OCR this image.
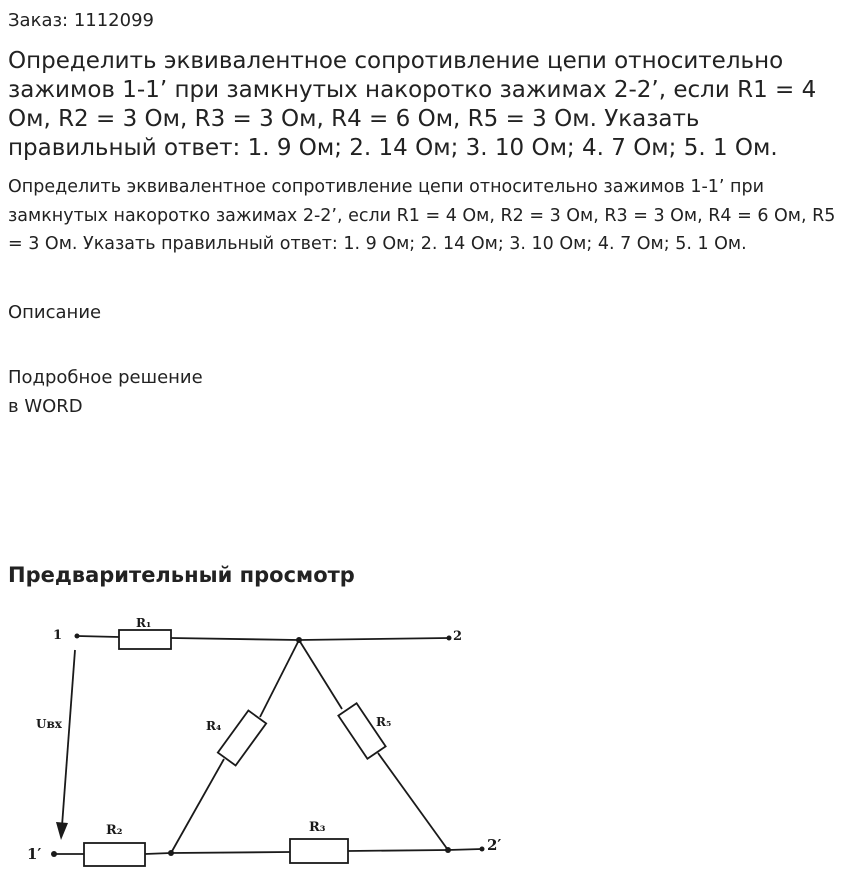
Заказ: 1112099
Определить эквивалентное сопротивление цепи относительно зажимов 1-1’ при замкнутых накоротко зажимах 2-2’, если R1 = 4 Ом, R2 = 3 Ом, R3 = 3 Ом, R4 = 6 Ом, R5 = 3 Ом. Указать правильный ответ: 1. 9 Ом; 2. 14 Ом; 3. 10 Ом; 4. 7 Ом; 5. 1 Ом.

Определить эквивалентное сопротивление цепи относительно зажимов 1-1’ при замкнутых накоротко зажимах 2-2’, если R1 = 4 Ом, R2 = 3 Ом, R3 = 3 Ом, R4 = 6 Ом, R5 = 3 Ом. Указать правильный ответ: 1. 9 Ом; 2. 14 Ом; 3. 10 Ом; 4. 7 Ом; 5. 1 Ом.

Описание
Подробное решение
в WORD
Предварительный просмотр
1	2
1′	2′
Uвх
R₁
R₂	R₃
R₄	R₅
